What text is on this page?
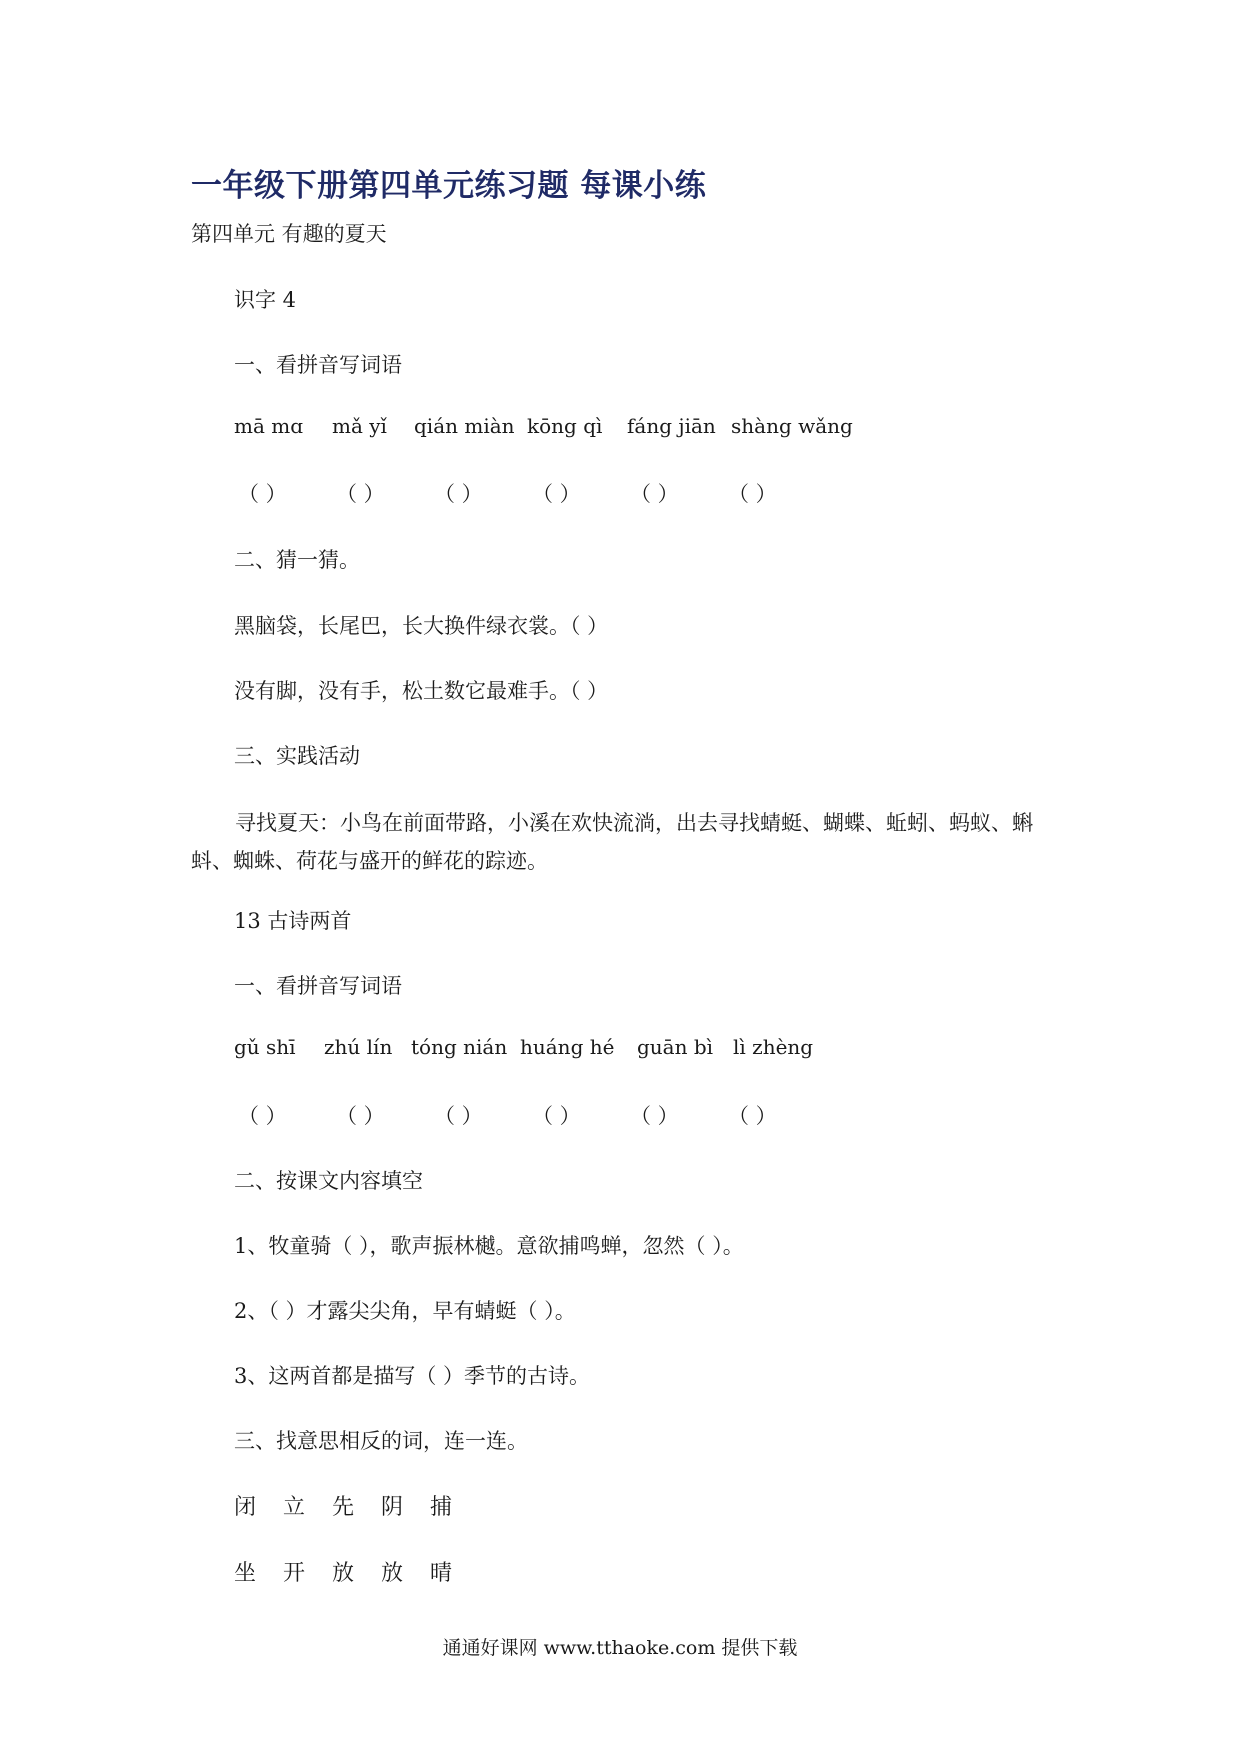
一年级下册第四单元练习题 每课小练
第四单元 有趣的夏天
识字 4
一、看拼音写词语
mā mɑ mǎ yǐ qián miàn kōng qì fáng jiān shàng wǎng
（ ） （ ） （ ） （ ） （ ） （ ）
二、猜一猜。
黑脑袋，长尾巴，长大换件绿衣裳。（ ）
没有脚，没有手，松土数它最难手。（ ）
三、实践活动
寻找夏天：小鸟在前面带路，小溪在欢快流淌，出去寻找蜻蜓、蝴蝶、蚯蚓、蚂蚁、蝌蚪、蜘蛛、荷花与盛开的鲜花的踪迹。
13 古诗两首
一、看拼音写词语
gǔ shī zhú lín tóng nián huáng hé guān bì lì zhèng
（ ） （ ） （ ） （ ） （ ） （ ）
二、按课文内容填空
1、牧童骑（ ），歌声振林樾。意欲捕鸣蝉，忽然（ ）。
2、（ ）才露尖尖角，早有蜻蜓（ ）。
3、这两首都是描写（ ）季节的古诗。
三、找意思相反的词，连一连。
闭 立 先 阴 捕
坐 开 放 放 晴
通通好课网 www.tthaoke.com 提供下载
